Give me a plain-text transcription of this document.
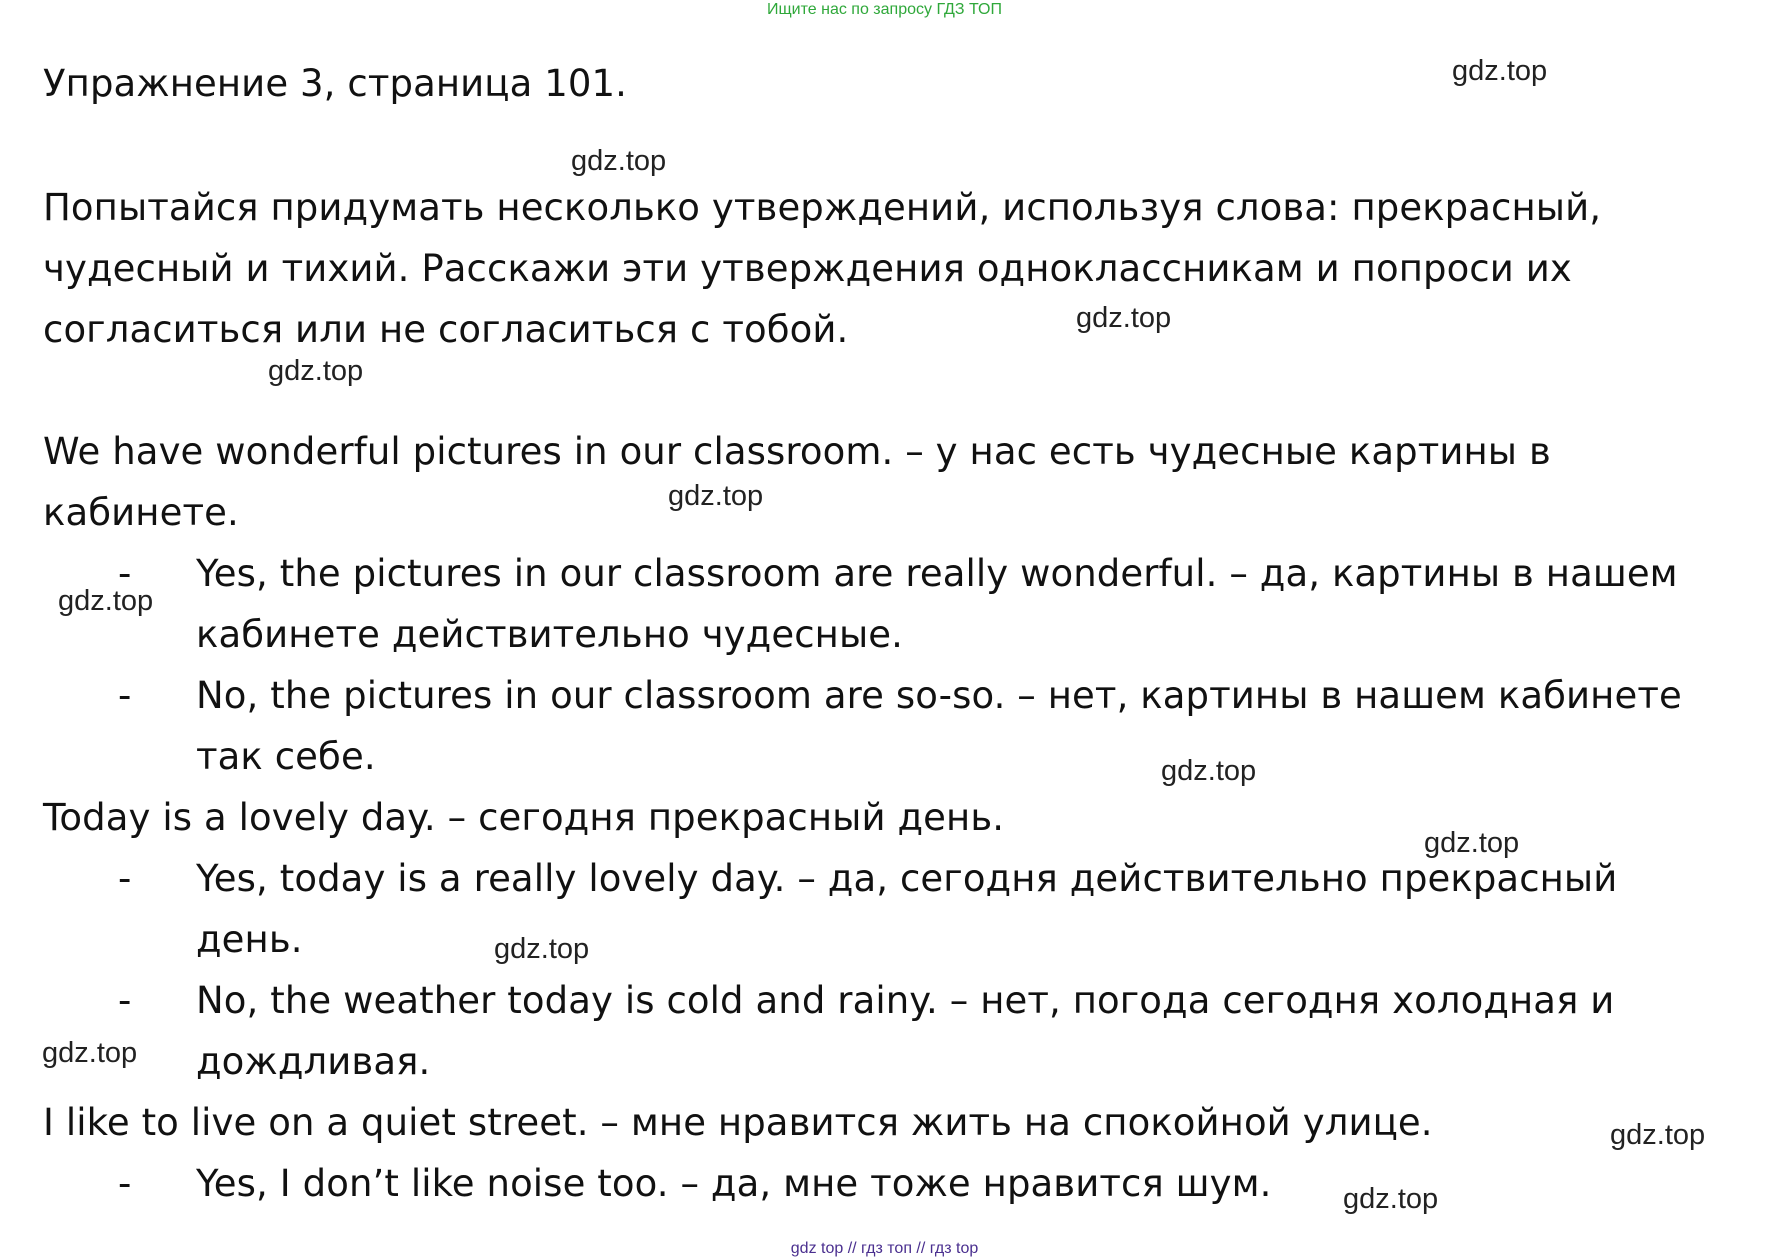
Ищите нас по запросу ГДЗ ТОП
Упражнение 3, страница 101.
Попытайся придумать несколько утверждений, используя слова: прекрасный,
чудесный и тихий. Расскажи эти утверждения одноклассникам и попроси их
согласиться или не согласиться с тобой.
We have wonderful pictures in our classroom. – у нас есть чудесные картины в
кабинете.
- Yes, the pictures in our classroom are really wonderful. – да, картины в нашем
кабинете действительно чудесные.
- No, the pictures in our classroom are so-so. – нет, картины в нашем кабинете
так себе.
Today is a lovely day. – сегодня прекрасный день.
- Yes, today is a really lovely day. – да, сегодня действительно прекрасный
день.
- No, the weather today is cold and rainy. – нет, погода сегодня холодная и
дождливая.
I like to live on a quiet street. – мне нравится жить на спокойной улице.
- Yes, I don’t like noise too. – да, мне тоже нравится шум.
gdz.top
gdz.top
gdz.top
gdz.top
gdz.top
gdz.top
gdz.top
gdz.top
gdz.top
gdz.top
gdz.top
gdz.top
gdz top // гдз топ // гдз top
